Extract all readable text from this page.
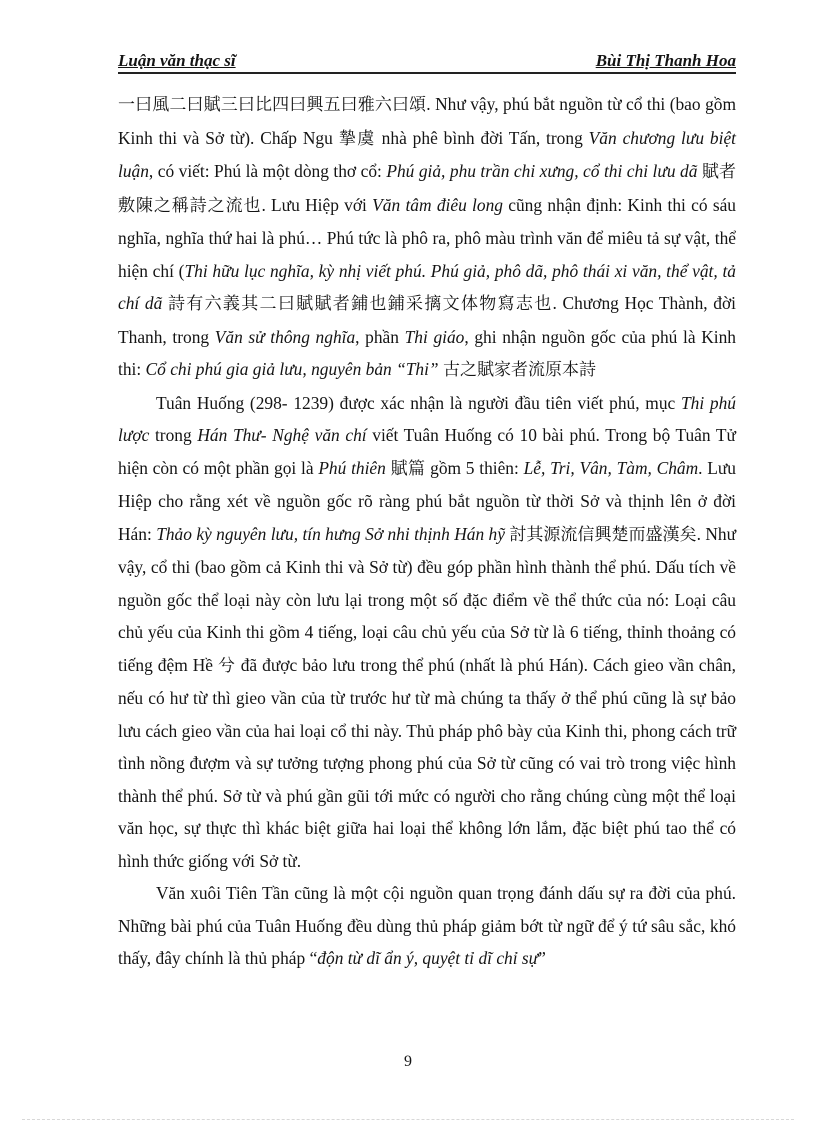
Luận văn thạc sĩ	Bùi Thị Thanh Hoa

一曰風二曰賦三曰比四曰興五曰雅六曰頌. Như vậy, phú bắt nguồn từ cổ thi (bao gồm Kinh thi và Sở từ). Chấp Ngu 摯虞 nhà phê bình đời Tấn, trong Văn chương lưu biệt luận, có viết: Phú là một dòng thơ cổ: Phú giả, phu trần chi xưng, cổ thi chi lưu dã 賦者敷陳之稱詩之流也. Lưu Hiệp với Văn tâm điêu long cũng nhận định: Kinh thi có sáu nghĩa, nghĩa thứ hai là phú… Phú tức là phô ra, phô màu trình văn để miêu tả sự vật, thể hiện chí (Thi hữu lục nghĩa, kỳ nhị viết phú. Phú giả, phô dã, phô thái xi văn, thể vật, tả chí dã 詩有六義其二曰賦賦者鋪也鋪采摛文体物寫志也. Chương Học Thành, đời Thanh, trong Văn sử thông nghĩa, phần Thi giáo, ghi nhận nguồn gốc của phú là Kinh thi: Cổ chi phú gia giả lưu, nguyên bản “Thi” 古之賦家者流原本詩

Tuân Huống (298- 1239) được xác nhận là người đầu tiên viết phú, mục Thi phú lược trong Hán Thư- Nghệ văn chí viết Tuân Huống có 10 bài phú. Trong bộ Tuân Tử hiện còn có một phần gọi là Phú thiên 賦篇 gồm 5 thiên: Lễ, Tri, Vân, Tàm, Châm. Lưu Hiệp cho rằng xét về nguồn gốc rõ ràng phú bắt nguồn từ thời Sở và thịnh lên ở đời Hán: Thảo kỳ nguyên lưu, tín hưng Sở nhi thịnh Hán hỹ 討其源流信興楚而盛漢矣. Như vậy, cổ thi (bao gồm cả Kinh thi và Sở từ) đều góp phần hình thành thể phú. Dấu tích về nguồn gốc thể loại này còn lưu lại trong một số đặc điểm về thể thức của nó: Loại câu chủ yếu của Kinh thi gồm 4 tiếng, loại câu chủ yếu của Sở từ là 6 tiếng, thỉnh thoảng có tiếng đệm Hề 兮 đã được bảo lưu trong thể phú (nhất là phú Hán). Cách gieo vần chân, nếu có hư từ thì gieo vần của từ trước hư từ mà chúng ta thấy ở thể phú cũng là sự bảo lưu cách gieo vần của hai loại cổ thi này. Thủ pháp phô bày của Kinh thi, phong cách trữ tình nồng đượm và sự tưởng tượng phong phú của Sở từ cũng có vai trò trong việc hình thành thể phú. Sở từ và phú gần gũi tới mức có người cho rằng chúng cùng một thể loại văn học, sự thực thì khác biệt giữa hai loại thể không lớn lắm, đặc biệt phú tao thể có hình thức giống với Sở từ.

Văn xuôi Tiên Tần cũng là một cội nguồn quan trọng đánh dấu sự ra đời của phú. Những bài phú của Tuân Huống đều dùng thủ pháp giảm bớt từ ngữ để ý tứ sâu sắc, khó thấy, đây chính là thủ pháp “độn từ dĩ ẩn ý, quyệt tỉ dĩ chỉ sự”

9
